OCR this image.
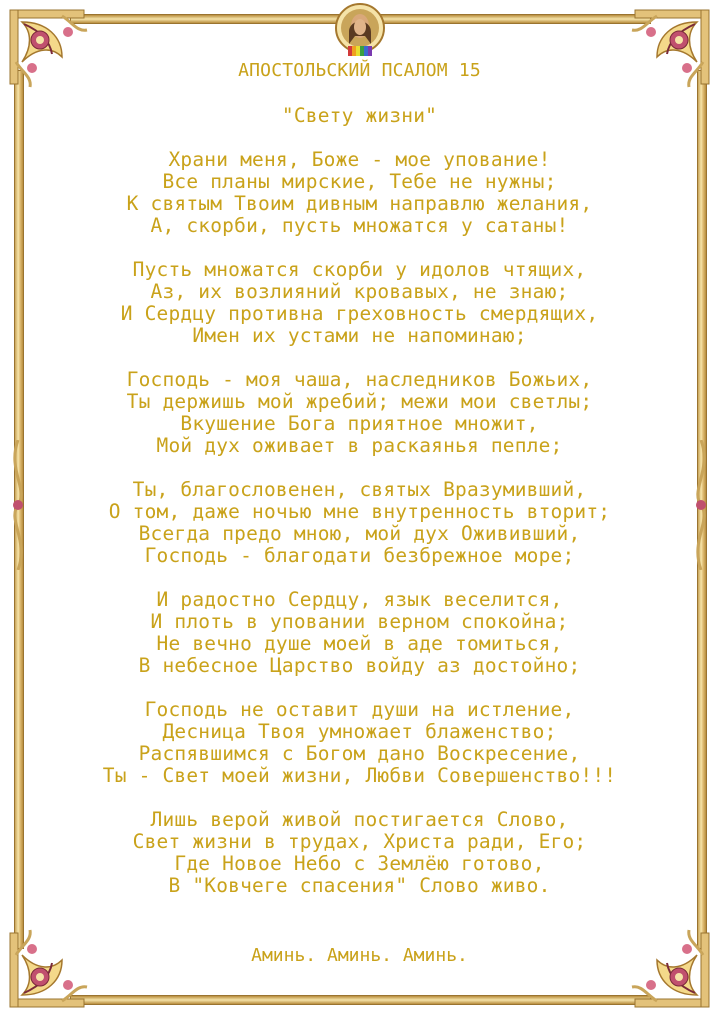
АПОСТОЛЬСКИЙ ПСАЛОМ 15
"Свету жизни"
Храни меня, Боже - мое упование!
Все планы мирские, Тебе не нужны;
К святым Твоим дивным направлю желания,
А, скорби, пусть множатся у сатаны!
Пусть множатся скорби у идолов чтящих,
Аз, их возлияний кровавых, не знаю;
И Сердцу противна греховность смердящих,
Имен их устами не напоминаю;
Господь - моя чаша, наследников Божьих,
Ты держишь мой жребий; межи мои светлы;
Вкушение Бога приятное множит,
Мой дух оживает в раскаянья пепле;
Ты, благословенен, святых Вразумивший,
О том, даже ночью мне внутренность вторит;
Всегда предо мною, мой дух Ожививший,
Господь - благодати безбрежное море;
И радостно Сердцу, язык веселится,
И плоть в уповании верном спокойна;
Не вечно душе моей в аде томиться,
В небесное Царство войду аз достойно;
Господь не оставит души на истление,
Десница Твоя умножает блаженство;
Распявшимся с Богом дано Воскресение,
Ты - Свет моей жизни, Любви Совершенство!!!
Лишь верой живой постигается Слово,
Свет жизни в трудах, Христа ради, Его;
Где Новое Небо с Землёю готово,
В "Ковчеге спасения" Слово живо.
Аминь. Аминь. Аминь.
